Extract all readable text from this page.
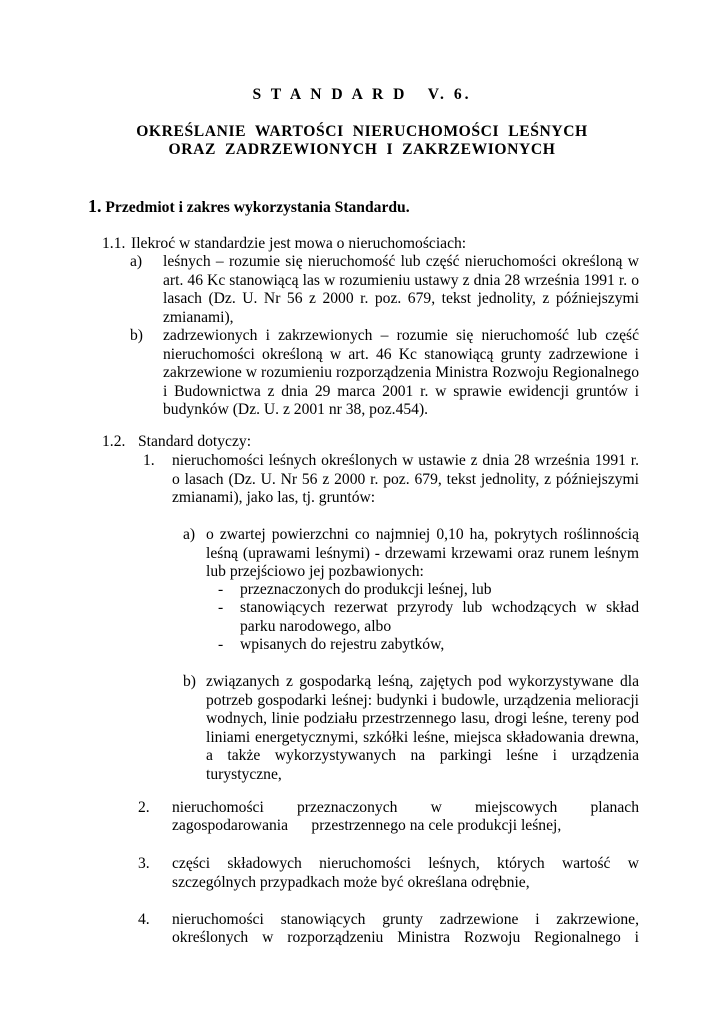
S T A N D A R D   V. 6.
OKREŚLANIE  WARTOŚCI  NIERUCHOMOŚCI  LEŚNYCH
ORAZ  ZADRZEWIONYCH  I  ZAKRZEWIONYCH
1. Przedmiot i zakres wykorzystania Standardu.
1.1. Ilekroć w standardzie jest mowa o nieruchomościach:
a) leśnych – rozumie się nieruchomość lub część nieruchomości określoną w art. 46 Kc stanowiącą las w rozumieniu ustawy z dnia 28 września 1991 r. o lasach (Dz. U. Nr 56 z 2000 r. poz. 679, tekst jednolity, z późniejszymi zmianami),

b) zadrzewionych i zakrzewionych – rozumie się nieruchomość lub część nieruchomości określoną w art. 46 Kc stanowiącą grunty zadrzewione i zakrzewione w rozumieniu rozporządzenia Ministra Rozwoju Regionalnego i Budownictwa z dnia 29 marca 2001 r. w sprawie ewidencji gruntów i budynków (Dz. U. z 2001 nr 38, poz.454).

1.2. Standard dotyczy:
1. nieruchomości leśnych określonych w ustawie z dnia 28 września 1991 r. o lasach (Dz. U. Nr 56 z 2000 r. poz. 679, tekst jednolity, z późniejszymi zmianami), jako las, tj. gruntów:

a) o zwartej powierzchni co najmniej 0,10 ha, pokrytych roślinnością leśną (uprawami leśnymi) - drzewami krzewami oraz runem leśnym lub przejściowo jej pozbawionych:

- przeznaczonych do produkcji leśnej, lub

- stanowiących rezerwat przyrody lub wchodzących w skład parku narodowego, albo

- wpisanych do rejestru zabytków,

b) związanych z gospodarką leśną, zajętych pod wykorzystywane dla potrzeb gospodarki leśnej: budynki i budowle, urządzenia melioracji wodnych, linie podziału przestrzennego lasu, drogi leśne, tereny pod liniami energetycznymi, szkółki leśne, miejsca składowania drewna, a także wykorzystywanych na parkingi leśne i urządzenia turystyczne,

2. nieruchomości przeznaczonych w miejscowych planach

zagospodarowania      przestrzennego na cele produkcji leśnej,

3. części składowych nieruchomości leśnych, których wartość w szczególnych przypadkach może być określana odrębnie,

4. nieruchomości stanowiących grunty zadrzewione i zakrzewione,

określonych w rozporządzeniu Ministra Rozwoju Regionalnego i
